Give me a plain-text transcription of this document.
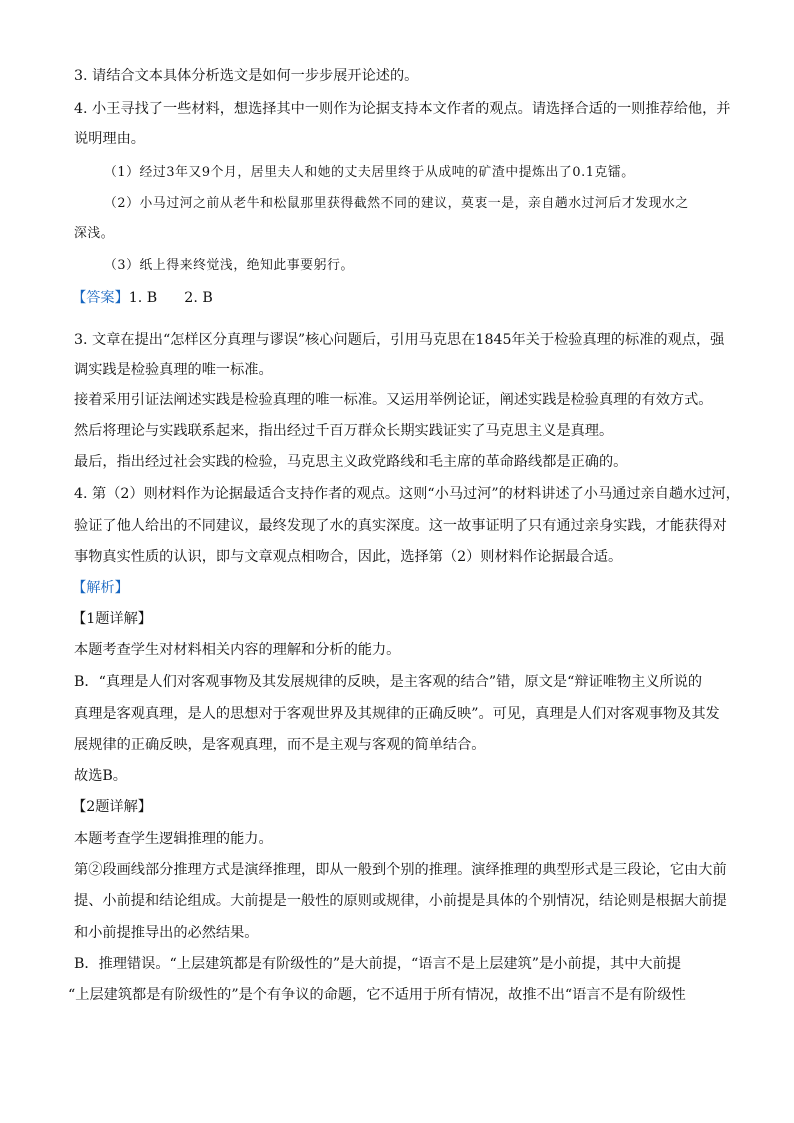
3. 请结合文本具体分析选文是如何一步步展开论述的。
4. 小王寻找了一些材料，想选择其中一则作为论据支持本文作者的观点。请选择合适的一则推荐给他，并
说明理由。
（1）经过3年又9个月，居里夫人和她的丈夫居里终于从成吨的矿渣中提炼出了0.1克镭。
（2）小马过河之前从老牛和松鼠那里获得截然不同的建议，莫衷一是，亲自趟水过河后才发现水之
深浅。
（3）纸上得来终觉浅，绝知此事要躬行。
【答案】1. B      2. B
3. 文章在提出“怎样区分真理与谬误”核心问题后，引用马克思在1845年关于检验真理的标准的观点，强
调实践是检验真理的唯一标准。
接着采用引证法阐述实践是检验真理的唯一标准。又运用举例论证，阐述实践是检验真理的有效方式。
然后将理论与实践联系起来，指出经过千百万群众长期实践证实了马克思主义是真理。
最后，指出经过社会实践的检验，马克思主义政党路线和毛主席的革命路线都是正确的。
4. 第（2）则材料作为论据最适合支持作者的观点。这则“小马过河”的材料讲述了小马通过亲自趟水过河，
验证了他人给出的不同建议，最终发现了水的真实深度。这一故事证明了只有通过亲身实践，才能获得对
事物真实性质的认识，即与文章观点相吻合，因此，选择第（2）则材料作论据最合适。
【解析】
【1题详解】
本题考查学生对材料相关内容的理解和分析的能力。
B．“真理是人们对客观事物及其发展规律的反映，是主客观的结合”错，原文是“辩证唯物主义所说的
真理是客观真理，是人的思想对于客观世界及其规律的正确反映”。可见，真理是人们对客观事物及其发
展规律的正确反映，是客观真理，而不是主观与客观的简单结合。
故选B。
【2题详解】
本题考查学生逻辑推理的能力。
第②段画线部分推理方式是演绎推理，即从一般到个别的推理。演绎推理的典型形式是三段论，它由大前
提、小前提和结论组成。大前提是一般性的原则或规律，小前提是具体的个别情况，结论则是根据大前提
和小前提推导出的必然结果。
B．推理错误。“上层建筑都是有阶级性的”是大前提，“语言不是上层建筑”是小前提，其中大前提
“上层建筑都是有阶级性的”是个有争议的命题，它不适用于所有情况，故推不出“语言不是有阶级性
